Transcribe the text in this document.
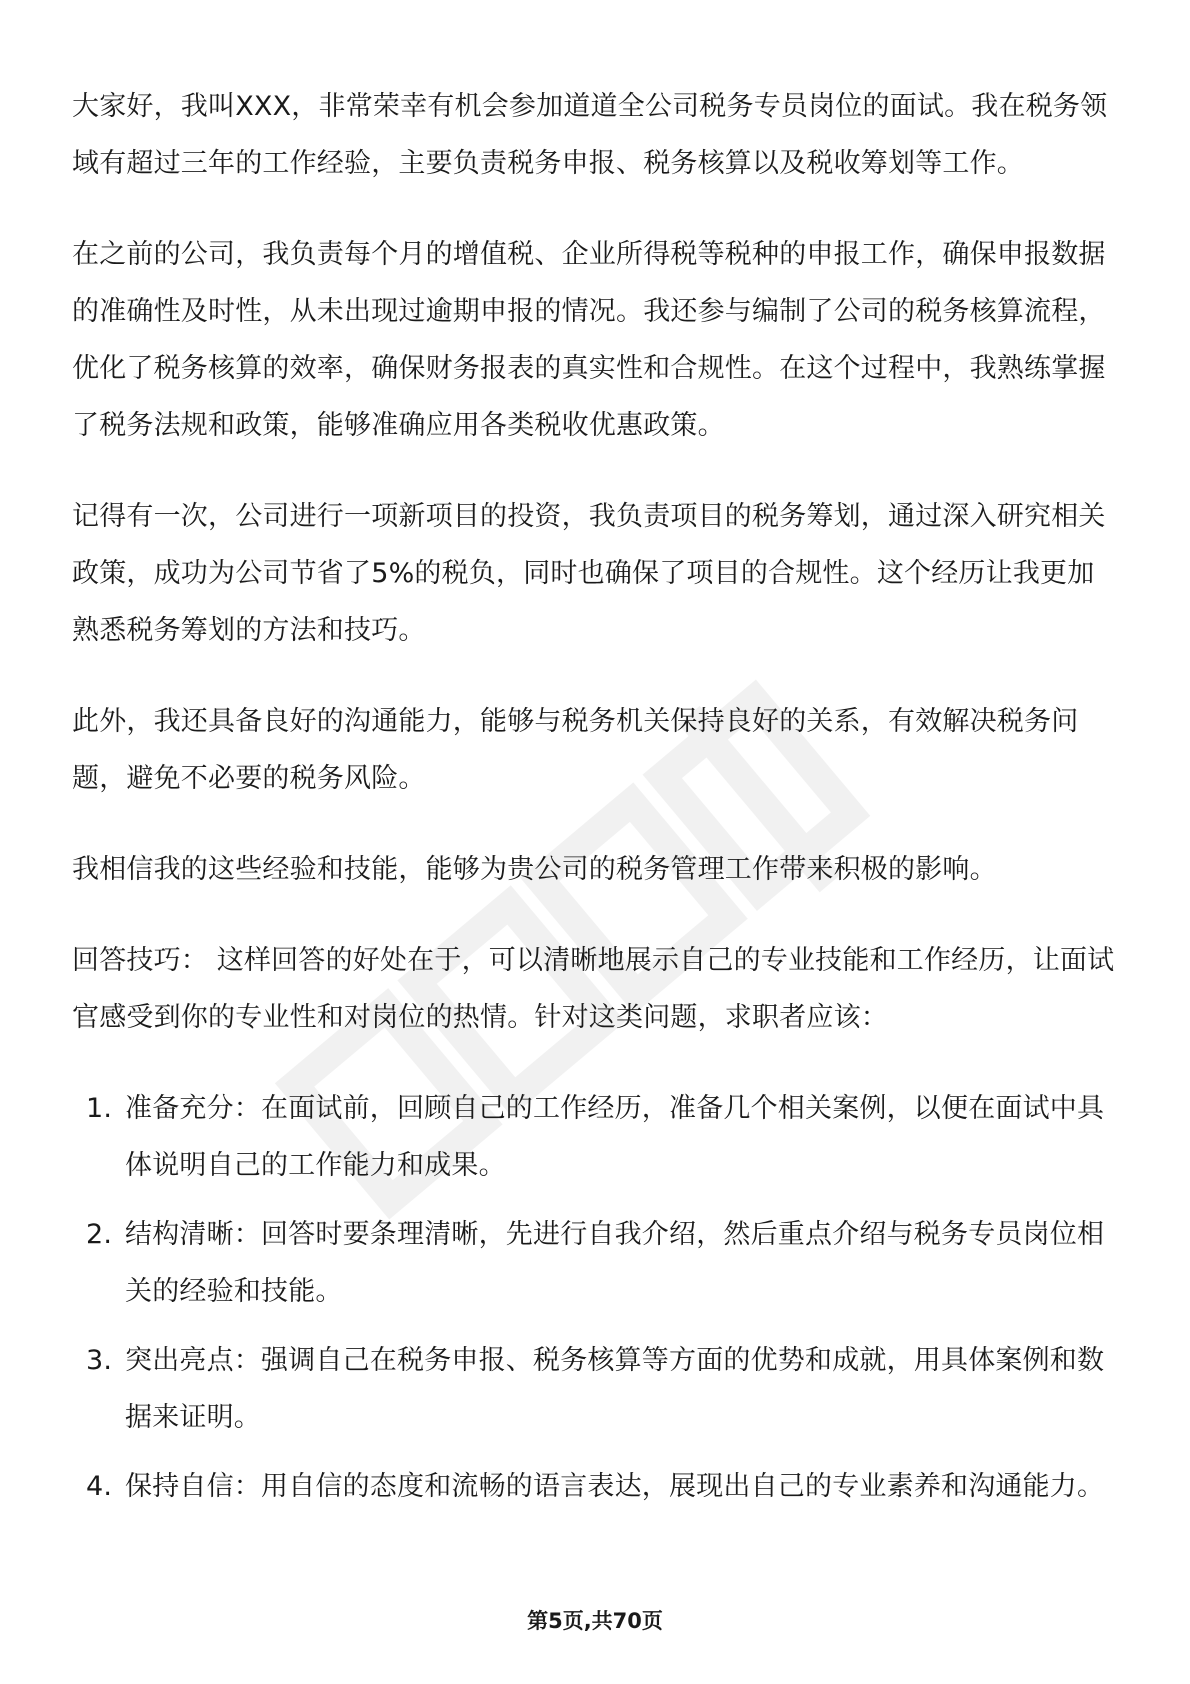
大家好，我叫XXX，非常荣幸有机会参加道道全公司税务专员岗位的面试。我在税务领域有超过三年的工作经验，主要负责税务申报、税务核算以及税收筹划等工作。

在之前的公司，我负责每个月的增值税、企业所得税等税种的申报工作，确保申报数据的准确性及时性，从未出现过逾期申报的情况。我还参与编制了公司的税务核算流程，优化了税务核算的效率，确保财务报表的真实性和合规性。在这个过程中，我熟练掌握了税务法规和政策，能够准确应用各类税收优惠政策。

记得有一次，公司进行一项新项目的投资，我负责项目的税务筹划，通过深入研究相关政策，成功为公司节省了5%的税负，同时也确保了项目的合规性。这个经历让我更加熟悉税务筹划的方法和技巧。

此外，我还具备良好的沟通能力，能够与税务机关保持良好的关系，有效解决税务问题，避免不必要的税务风险。

我相信我的这些经验和技能，能够为贵公司的税务管理工作带来积极的影响。

回答技巧： 这样回答的好处在于，可以清晰地展示自己的专业技能和工作经历，让面试官感受到你的专业性和对岗位的热情。针对这类问题，求职者应该：

1. 准备充分：在面试前，回顾自己的工作经历，准备几个相关案例，以便在面试中具体说明自己的工作能力和成果。
2. 结构清晰：回答时要条理清晰，先进行自我介绍，然后重点介绍与税务专员岗位相关的经验和技能。
3. 突出亮点：强调自己在税务申报、税务核算等方面的优势和成就，用具体案例和数据来证明。
4. 保持自信：用自信的态度和流畅的语言表达，展现出自己的专业素养和沟通能力。
第5页,共70页
